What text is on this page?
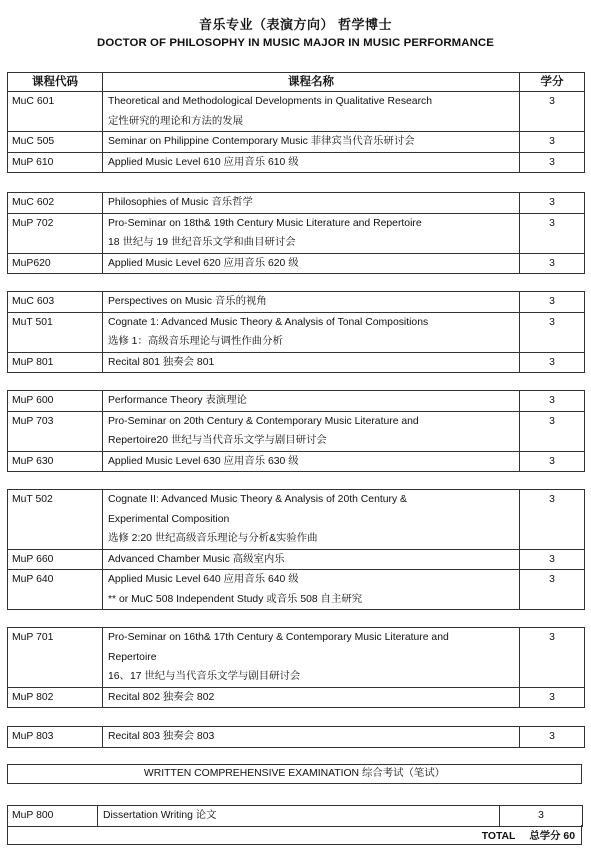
音乐专业（表演方向） 哲学博士
DOCTOR OF PHILOSOPHY IN MUSIC MAJOR IN MUSIC PERFORMANCE
课程代码	课程名称	学分
MuC 601	Theoretical and Methodological Developments in Qualitative Research
定性研究的理论和方法的发展	3
MuC 505	Seminar on Philippine Contemporary Music 菲律宾当代音乐研讨会	3
MuP 610	Applied Music Level 610 应用音乐 610 级	3
MuC 602	Philosophies of Music 音乐哲学	3
MuP 702	Pro-Seminar on 18th& 19th Century Music Literature and Repertoire
18 世纪与 19 世纪音乐文学和曲目研讨会	3
MuP620	Applied Music Level 620 应用音乐 620 级	3
MuC 603	Perspectives on Music 音乐的视角	3
MuT 501	Cognate 1: Advanced Music Theory & Analysis of Tonal Compositions
选修 1：高级音乐理论与调性作曲分析	3
MuP 801	Recital 801 独奏会 801	3
MuP 600	Performance Theory 表演理论	3
MuP 703	Pro-Seminar on 20th Century & Contemporary Music Literature and
Repertoire20 世纪与当代音乐文学与剧目研讨会	3
MuP 630	Applied Music Level 630 应用音乐 630 级	3
MuT 502	Cognate II: Advanced Music Theory & Analysis of 20th Century &
Experimental Composition
选修 2:20 世纪高级音乐理论与分析&实验作曲	3
MuP 660	Advanced Chamber Music 高级室内乐	3
MuP 640	Applied Music Level 640 应用音乐 640 级
** or MuC 508 Independent Study 或音乐 508 自主研究	3
MuP 701	Pro-Seminar on 16th& 17th Century & Contemporary Music Literature and
Repertoire
16、17 世纪与当代音乐文学与剧目研讨会	3
MuP 802	Recital 802 独奏会 802	3
MuP 803	Recital 803 独奏会 803	3
WRITTEN COMPREHENSIVE EXAMINATION 综合考试（笔试）
MuP 800	Dissertation Writing 论文	3
TOTAL 总学分 60
